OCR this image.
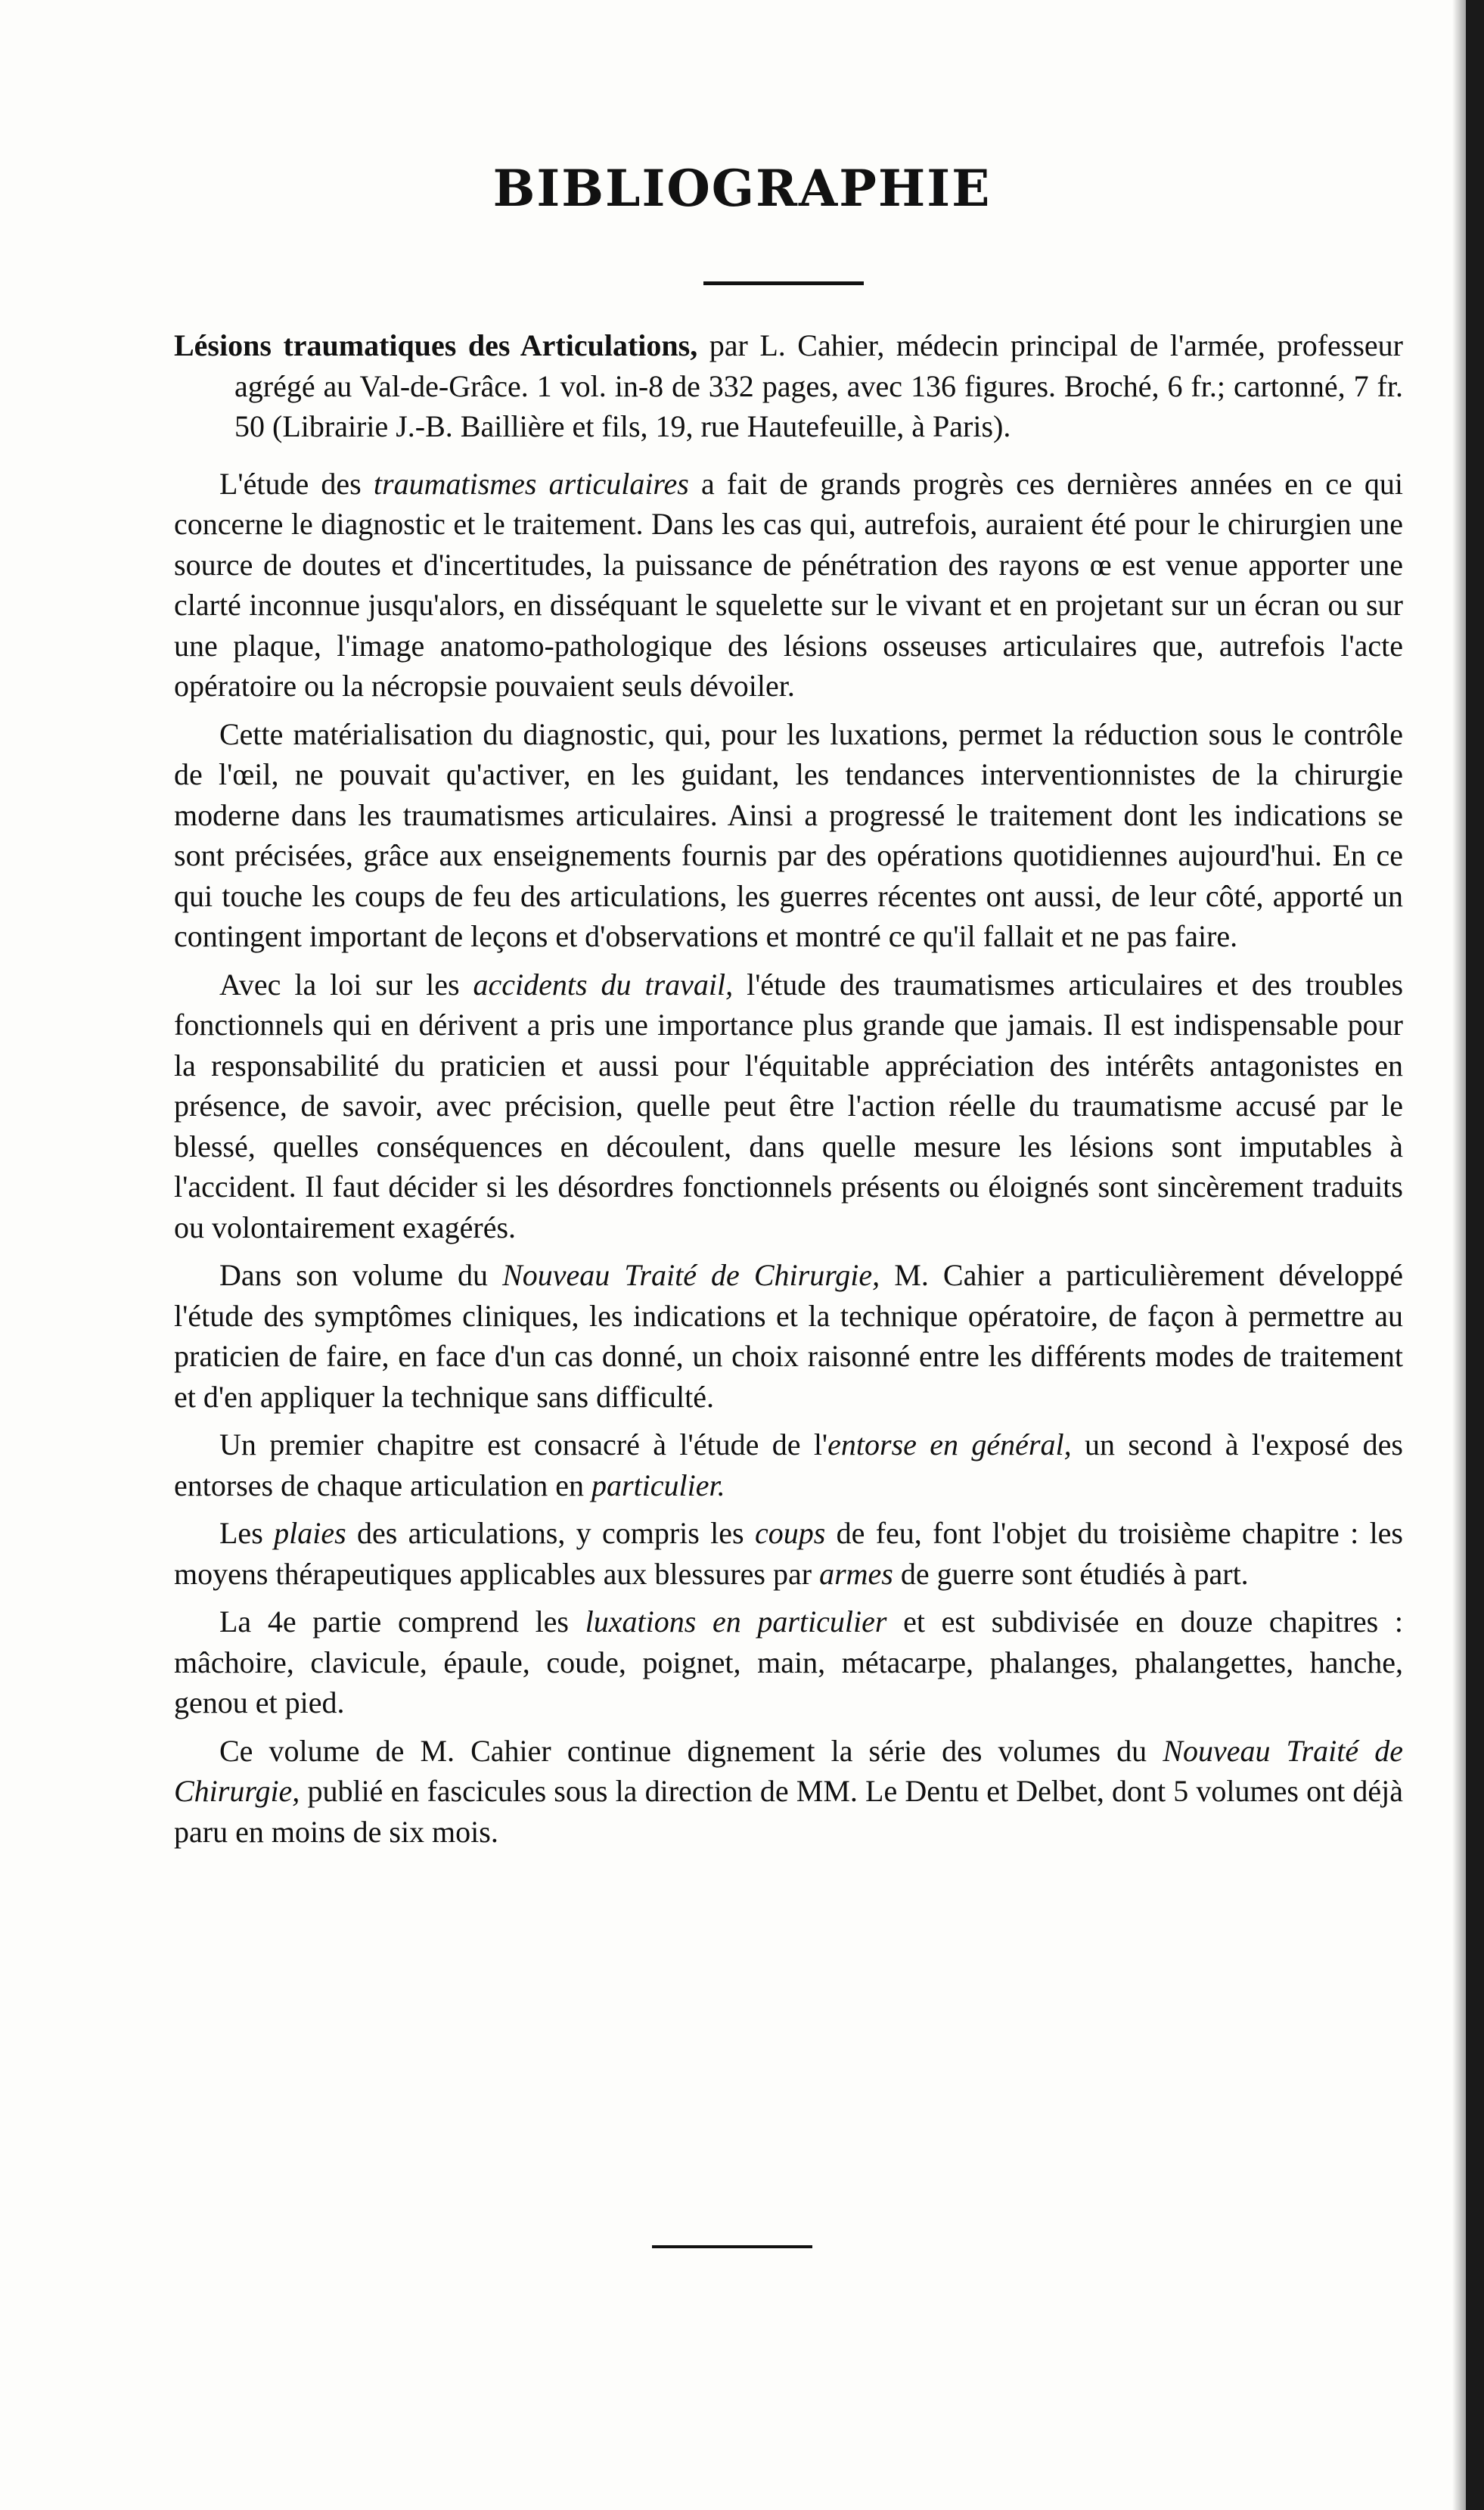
BIBLIOGRAPHIE

Lésions traumatiques des Articulations, par L. Cahier, médecin principal de l'armée, professeur agrégé au Val-de-Grâce. 1 vol. in-8 de 332 pages, avec 136 figures. Broché, 6 fr.; cartonné, 7 fr. 50 (Librairie J.-B. Baillière et fils, 19, rue Hautefeuille, à Paris).

L'étude des traumatismes articulaires a fait de grands progrès ces dernières années en ce qui concerne le diagnostic et le traitement. Dans les cas qui, autrefois, auraient été pour le chirurgien une source de doutes et d'incertitudes, la puissance de pénétration des rayons œ est venue apporter une clarté inconnue jusqu'alors, en disséquant le squelette sur le vivant et en projetant sur un écran ou sur une plaque, l'image anatomo-pathologique des lésions osseuses articulaires que, autrefois l'acte opératoire ou la nécropsie pouvaient seuls dévoiler.

Cette matérialisation du diagnostic, qui, pour les luxations, permet la réduction sous le contrôle de l'œil, ne pouvait qu'activer, en les guidant, les tendances interventionnistes de la chirurgie moderne dans les traumatismes articulaires. Ainsi a progressé le traitement dont les indications se sont précisées, grâce aux enseignements fournis par des opérations quotidiennes aujourd'hui. En ce qui touche les coups de feu des articulations, les guerres récentes ont aussi, de leur côté, apporté un contingent important de leçons et d'observations et montré ce qu'il fallait et ne pas faire.

Avec la loi sur les accidents du travail, l'étude des traumatismes articulaires et des troubles fonctionnels qui en dérivent a pris une importance plus grande que jamais. Il est indispensable pour la responsabilité du praticien et aussi pour l'équitable appréciation des intérêts antagonistes en présence, de savoir, avec précision, quelle peut être l'action réelle du traumatisme accusé par le blessé, quelles conséquences en découlent, dans quelle mesure les lésions sont imputables à l'accident. Il faut décider si les désordres fonctionnels présents ou éloignés sont sincèrement traduits ou volontairement exagérés.

Dans son volume du Nouveau Traité de Chirurgie, M. Cahier a particulièrement développé l'étude des symptômes cliniques, les indications et la technique opératoire, de façon à permettre au praticien de faire, en face d'un cas donné, un choix raisonné entre les différents modes de traitement et d'en appliquer la technique sans difficulté.

Un premier chapitre est consacré à l'étude de l'entorse en général, un second à l'exposé des entorses de chaque articulation en particulier.

Les plaies des articulations, y compris les coups de feu, font l'objet du troisième chapitre : les moyens thérapeutiques applicables aux blessures par armes de guerre sont étudiés à part.

La 4e partie comprend les luxations en particulier et est subdivisée en douze chapitres : mâchoire, clavicule, épaule, coude, poignet, main, métacarpe, phalanges, phalangettes, hanche, genou et pied.

Ce volume de M. Cahier continue dignement la série des volumes du Nouveau Traité de Chirurgie, publié en fascicules sous la direction de MM. Le Dentu et Delbet, dont 5 volumes ont déjà paru en moins de six mois.
